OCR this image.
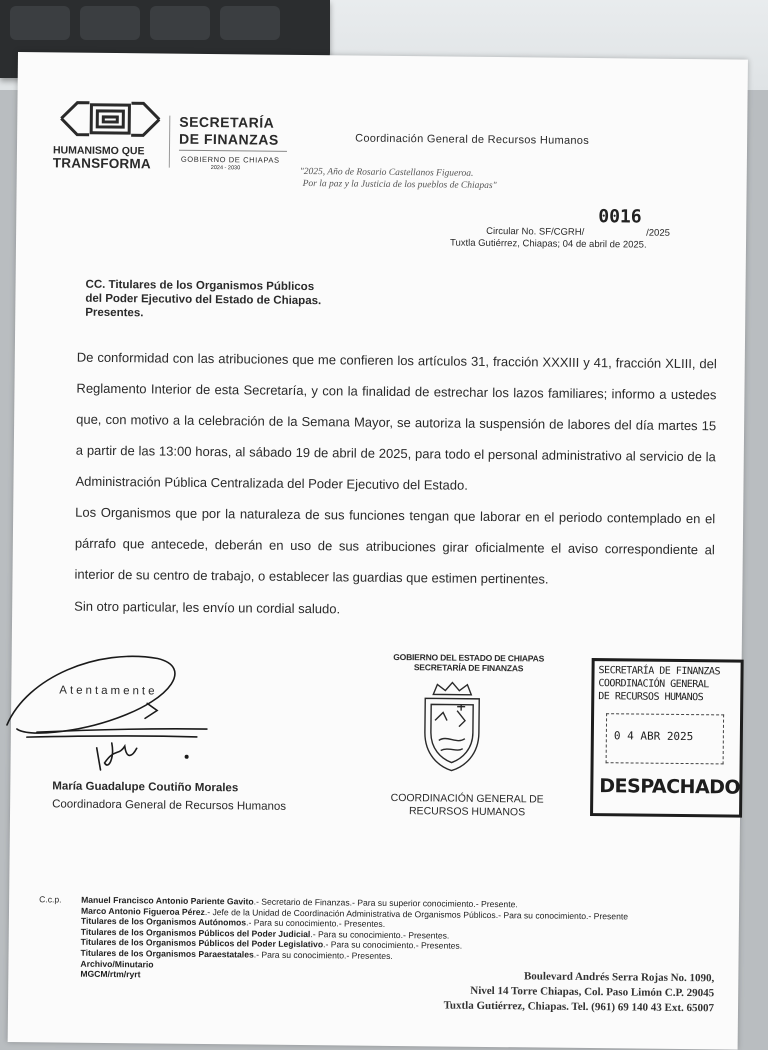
HUMANISMO QUE
TRANSFORMA
SECRETARÍA
DE FINANZAS
GOBIERNO DE CHIAPAS
2024 - 2030
Coordinación General de Recursos Humanos
"2025, Año de Rosario Castellanos Figueroa.
Por la paz y la Justicia de los pueblos de Chiapas"
0016
Circular No. SF/CGRH/	/2025
Tuxtla Gutiérrez, Chiapas; 04 de abril de 2025.
CC. Titulares de los Organismos Públicos
del Poder Ejecutivo del Estado de Chiapas.
Presentes.

De conformidad con las atribuciones que me confieren los artículos 31, fracción XXXIII y 41, fracción XLIII, del Reglamento Interior de esta Secretaría, y con la finalidad de estrechar los lazos familiares; informo a ustedes que, con motivo a la celebración de la Semana Mayor, se autoriza la suspensión de labores del día martes 15 a partir de las 13:00 horas, al sábado 19 de abril de 2025, para todo el personal administrativo al servicio de la Administración Pública Centralizada del Poder Ejecutivo del Estado.

Los Organismos que por la naturaleza de sus funciones tengan que laborar en el periodo contemplado en el párrafo que antecede, deberán en uso de sus atribuciones girar oficialmente el aviso correspondiente al interior de su centro de trabajo, o establecer las guardias que estimen pertinentes.

Sin otro particular, les envío un cordial saludo.

Atentamente
María Guadalupe Coutiño Morales
Coordinadora General de Recursos Humanos
GOBIERNO DEL ESTADO DE CHIAPAS
SECRETARÍA DE FINANZAS
COORDINACIÓN GENERAL DE
RECURSOS HUMANOS
SECRETARÍA DE FINANZAS
COORDINACIÓN GENERAL
DE RECURSOS HUMANOS
0 4 ABR 2025
DESPACHADO
C.c.p. Manuel Francisco Antonio Pariente Gavito.- Secretario de Finanzas.- Para su superior conocimiento.- Presente.
Marco Antonio Figueroa Pérez.- Jefe de la Unidad de Coordinación Administrativa de Organismos Públicos.- Para su conocimiento.- Presente
Titulares de los Organismos Autónomos.- Para su conocimiento.- Presentes.
Titulares de los Organismos Públicos del Poder Judicial.- Para su conocimiento.- Presentes.
Titulares de los Organismos Públicos del Poder Legislativo.- Para su conocimiento.- Presentes.
Titulares de los Organismos Paraestatales.- Para su conocimiento.- Presentes.
Archivo/Minutario
MGCM/rtm/ryrt	Boulevard Andrés Serra Rojas No. 1090,
Nivel 14 Torre Chiapas, Col. Paso Limón C.P. 29045
Tuxtla Gutiérrez, Chiapas. Tel. (961) 69 140 43 Ext. 65007
